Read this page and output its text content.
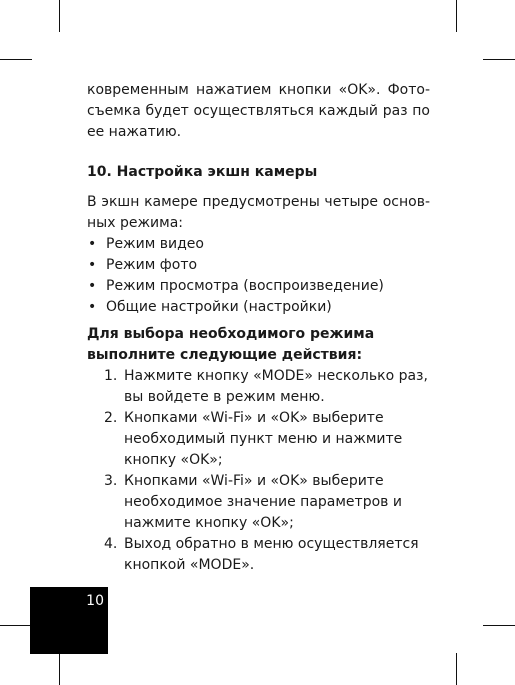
ковременным нажатием кнопки «OK». Фото-съемка будет осуществляться каждый раз по ее нажатию.

10. Настройка экшн камеры

В экшн камере предусмотрены четыре основ-ных режима:

• Режим видео
• Режим фото
• Режим просмотра (воспроизведение)
• Общие настройки (настройки)
Для выбора необходимого режима
выполните следующие действия:
1. Нажмите кнопку «MODE» несколько раз, вы войдете в режим меню.
2. Кнопками «Wi-Fi» и «OK» выберите необходимый пункт меню и нажмите кнопку «OK»;
3. Кнопками «Wi-Fi» и «OK» выберите необходимое значение параметров и нажмите кнопку «OK»;
4. Выход обратно в меню осуществляется кнопкой «MODE».
10
